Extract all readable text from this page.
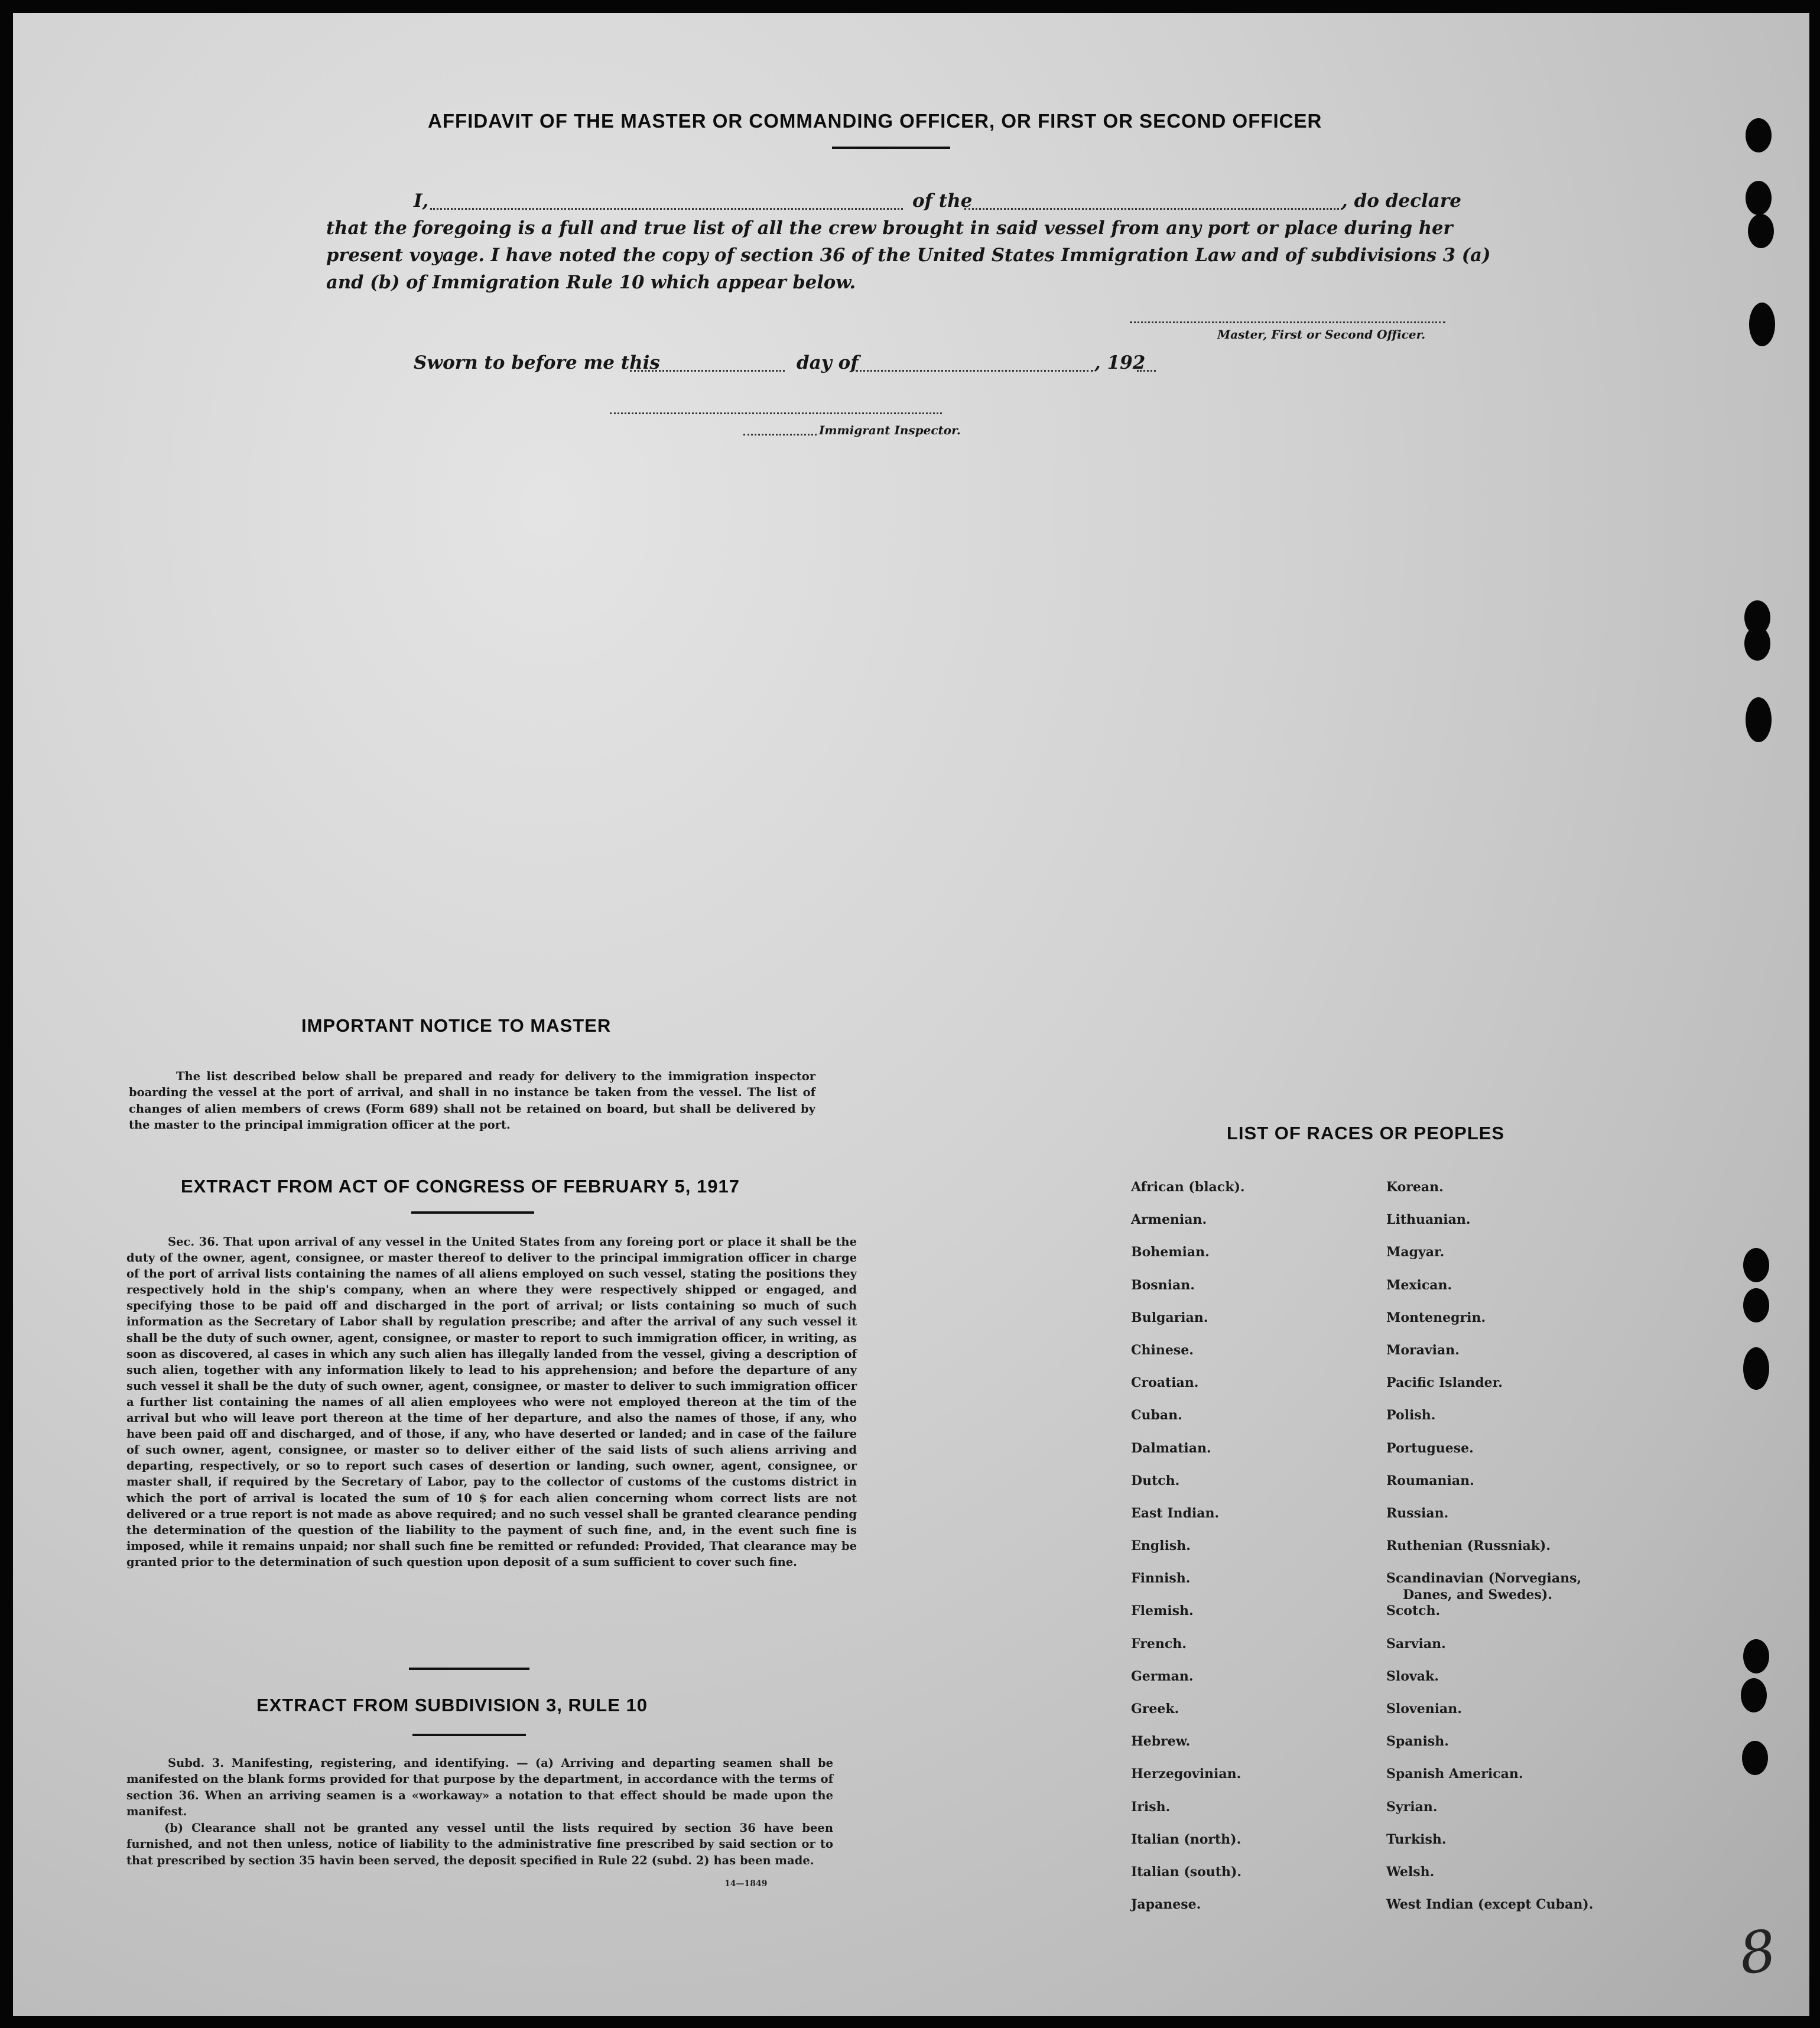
AFFIDAVIT OF THE MASTER OR COMMANDING OFFICER, OR FIRST OR SECOND OFFICER
I,	of the	, do declare
that the foregoing is a full and true list of all the crew brought in said vessel from any port or place during her
present voyage. I have noted the copy of section 36 of the United States Immigration Law and of subdivisions 3 (a)
and (b) of Immigration Rule 10 which appear below.
Master, First or Second Officer.
Sworn to before me this	day of	, 192
Immigrant Inspector.
IMPORTANT NOTICE TO MASTER
The list described below shall be prepared and ready for delivery to the immigration inspector boarding the vessel at the port of arrival, and shall in no instance be taken from the vessel. The list of changes of alien members of crews (Form 689) shall not be retained on board, but shall be delivered by the master to the principal immigration officer at the port.
EXTRACT FROM ACT OF CONGRESS OF FEBRUARY 5, 1917
Sec. 36. That upon arrival of any vessel in the United States from any foreing port or place it shall be the duty of the owner, agent, consignee, or master thereof to deliver to the principal immigration officer in charge of the port of arrival lists containing the names of all aliens employed on such vessel, stating the positions they respectively hold in the ship's company, when an where they were respectively shipped or engaged, and specifying those to be paid off and discharged in the port of arrival; or lists containing so much of such information as the Secretary of Labor shall by regulation prescribe; and after the arrival of any such vessel it shall be the duty of such owner, agent, consignee, or master to report to such immigration officer, in writing, as soon as discovered, al cases in which any such alien has illegally landed from the vessel, giving a description of such alien, together with any information likely to lead to his apprehension; and before the departure of any such vessel it shall be the duty of such owner, agent, consignee, or master to deliver to such immigration officer a further list containing the names of all alien employees who were not employed thereon at the tim of the arrival but who will leave port thereon at the time of her departure, and also the names of those, if any, who have been paid off and discharged, and of those, if any, who have deserted or landed; and in case of the failure of such owner, agent, consignee, or master so to deliver either of the said lists of such aliens arriving and departing, respectively, or so to report such cases of desertion or landing, such owner, agent, consignee, or master shall, if required by the Secretary of Labor, pay to the collector of customs of the customs district in which the port of arrival is located the sum of 10 $ for each alien concerning whom correct lists are not delivered or a true report is not made as above required; and no such vessel shall be granted clearance pending the determination of the question of the liability to the payment of such fine, and, in the event such fine is imposed, while it remains unpaid; nor shall such fine be remitted or refunded: Provided, That clearance may be granted prior to the determination of such question upon deposit of a sum sufficient to cover such fine.
EXTRACT FROM SUBDIVISION 3, RULE 10
Subd. 3. Manifesting, registering, and identifying. — (a) Arriving and departing seamen shall be manifested on the blank forms provided for that purpose by the department, in accordance with the terms of section 36. When an arriving seamen is a «workaway» a notation to that effect should be made upon the manifest.
(b) Clearance shall not be granted any vessel until the lists required by section 36 have been furnished, and not then unless, notice of liability to the administrative fine prescribed by said section or to that prescribed by section 35 havin been served, the deposit specified in Rule 22 (subd. 2) has been made.
14—1849
LIST OF RACES OR PEOPLES
African (black).
Armenian.
Bohemian.
Bosnian.
Bulgarian.
Chinese.
Croatian.
Cuban.
Dalmatian.
Dutch.
East Indian.
English.
Finnish.
Flemish.
French.
German.
Greek.
Hebrew.
Herzegovinian.
Irish.
Italian (north).
Italian (south).
Japanese.
Korean.
Lithuanian.
Magyar.
Mexican.
Montenegrin.
Moravian.
Pacific Islander.
Polish.
Portuguese.
Roumanian.
Russian.
Ruthenian (Russniak).
Scandinavian (Norvegians,
Danes, and Swedes).
Scotch.
Sarvian.
Slovak.
Slovenian.
Spanish.
Spanish American.
Syrian.
Turkish.
Welsh.
West Indian (except Cuban).
8
